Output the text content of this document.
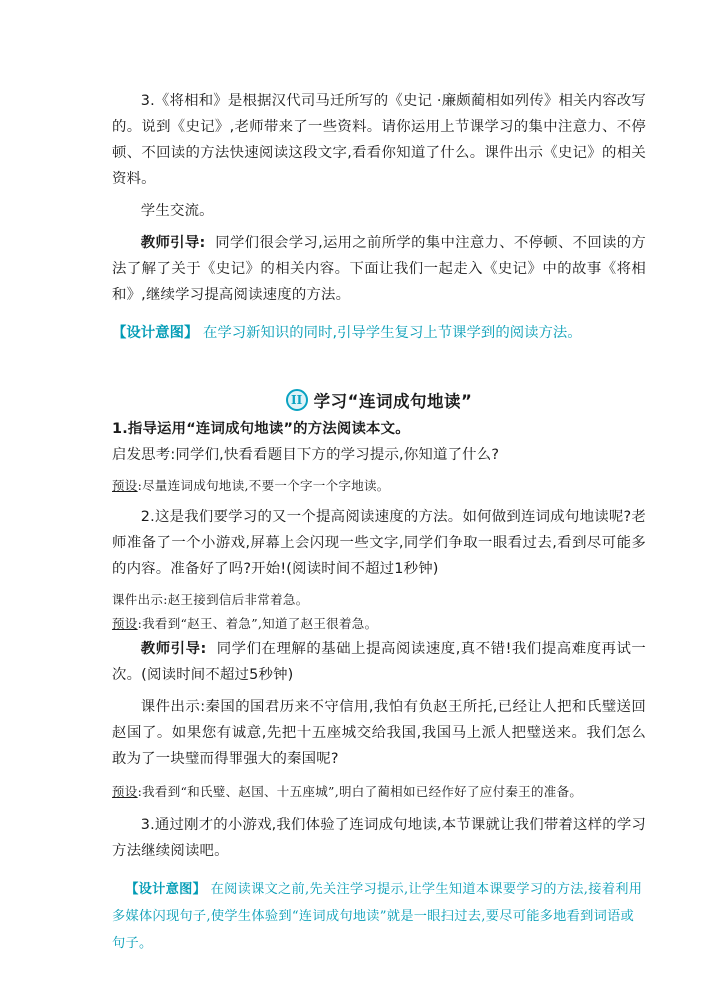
3.《将相和》是根据汉代司马迁所写的《史记 ·廉颇蔺相如列传》相关内容改写的。说到《史记》,老师带来了一些资料。请你运用上节课学习的集中注意力、不停顿、不回读的方法快速阅读这段文字,看看你知道了什么。课件出示《史记》的相关资料。

学生交流。

教师引导: 同学们很会学习,运用之前所学的集中注意力、不停顿、不回读的方法了解了关于《史记》的相关内容。下面让我们一起走入《史记》中的故事《将相和》,继续学习提高阅读速度的方法。

【设计意图】 在学习新知识的同时,引导学生复习上节课学到的阅读方法。

II 学习“连词成句地读”

1.指导运用“连词成句地读”的方法阅读本文。

启发思考:同学们,快看看题目下方的学习提示,你知道了什么?

预设:尽量连词成句地读,不要一个字一个字地读。

2.这是我们要学习的又一个提高阅读速度的方法。如何做到连词成句地读呢?老师准备了一个小游戏,屏幕上会闪现一些文字,同学们争取一眼看过去,看到尽可能多的内容。准备好了吗?开始!(阅读时间不超过1秒钟)

课件出示:赵王接到信后非常着急。

预设:我看到“赵王、着急”,知道了赵王很着急。

教师引导: 同学们在理解的基础上提高阅读速度,真不错!我们提高难度再试一次。(阅读时间不超过5秒钟)

课件出示:秦国的国君历来不守信用,我怕有负赵王所托,已经让人把和氏璧送回赵国了。如果您有诚意,先把十五座城交给我国,我国马上派人把璧送来。我们怎么敢为了一块璧而得罪强大的秦国呢?

预设:我看到“和氏璧、赵国、十五座城”,明白了蔺相如已经作好了应付秦王的准备。

3.通过刚才的小游戏,我们体验了连词成句地读,本节课就让我们带着这样的学习方法继续阅读吧。

【设计意图】 在阅读课文之前,先关注学习提示,让学生知道本课要学习的方法,接着利用多媒体闪现句子,使学生体验到“连词成句地读”就是一眼扫过去,要尽可能多地看到词语或句子。
